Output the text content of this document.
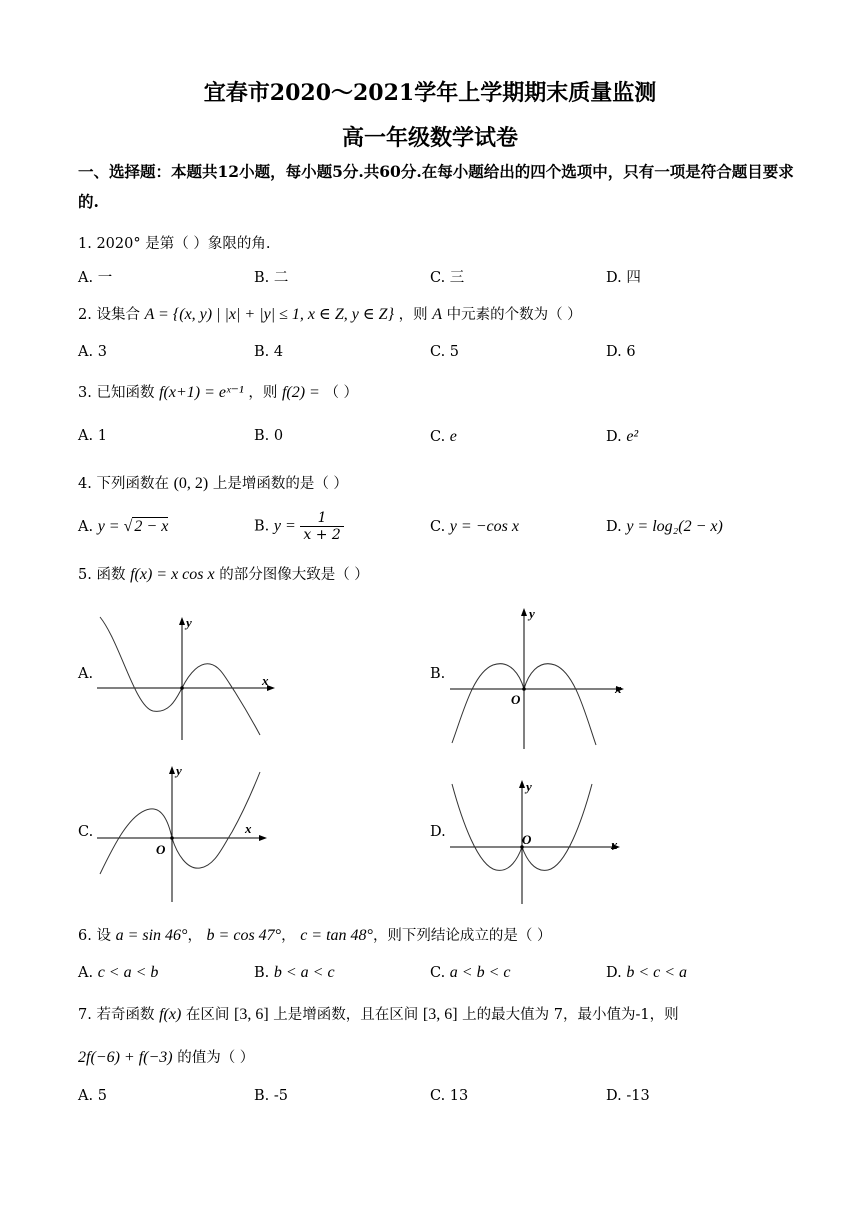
宜春市2020～2021学年上学期期末质量监测
高一年级数学试卷
一、选择题：本题共12小题，每小题5分.共60分.在每小题给出的四个选项中，只有一项是符合题目要求的.
1. 2020° 是第（ ）象限的角.
A. 一	B. 二	C. 三	D. 四
2. 设集合 A = {(x, y) | |x| + |y| ≤ 1, x ∈ Z, y ∈ Z} ，则 A 中元素的个数为（ ）
A. 3	B. 4	C. 5	D. 6
3. 已知函数 f(x+1) = eˣ⁻¹ ，则 f(2) = （ ）
A. 1	B. 0	C. e	D. e²
4. 下列函数在 (0, 2) 上是增函数的是（ ）
A. y = √ 2 − x	B. $y = \frac{1}{x + 2}$	C. y = −cos x	D. y = log₂(2 − x)
5. 函数 f(x) = x cos x 的部分图像大致是（ ）
A.	B.
C.	D.
x
y
x
y
O
x
y
O	x
y
O
6. 设 a = sin 46°， b = cos 47°， c = tan 48°，则下列结论成立的是（ ）
A. c < a < b	B. b < a < c	C. a < b < c	D. b < c < a
7. 若奇函数 f(x) 在区间 [3, 6] 上是增函数，且在区间 [3, 6] 上的最大值为 7，最小值为-1，则
2f(−6) + f(−3) 的值为（ ）
A. 5	B. -5	C. 13	D. -13
